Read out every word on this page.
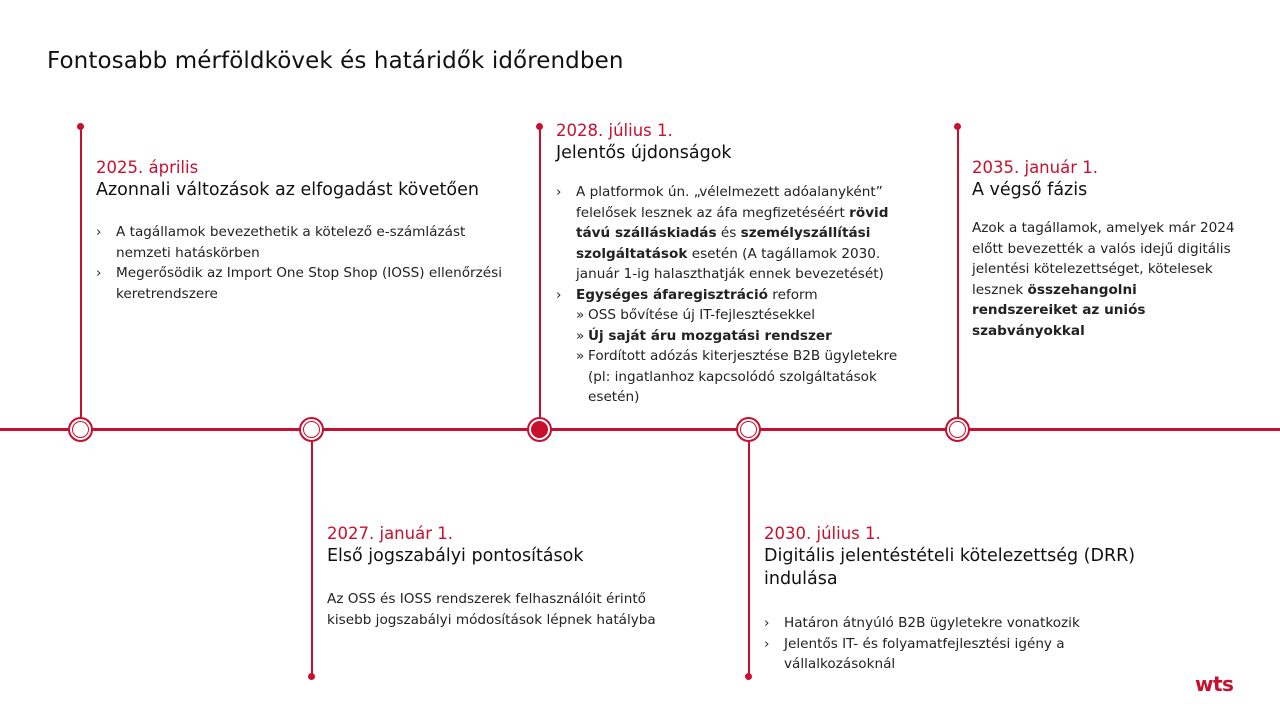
Fontosabb mérföldkövek és határidők időrendben
2025. április
Azonnali változások az elfogadást követően
› A tagállamok bevezethetik a kötelező e-számlázást nemzeti hatáskörben
› Megerősödik az Import One Stop Shop (IOSS) ellenőrzési keretrendszere
2027. január 1.
Első jogszabályi pontosítások
Az OSS és IOSS rendszerek felhasználóit érintő kisebb jogszabályi módosítások lépnek hatályba
2028. július 1.
Jelentős újdonságok
› A platformok ún. „vélelmezett adóalanyként” felelősek lesznek az áfa megfizetéséért rövid távú szálláskiadás és személyszállítási szolgáltatások esetén (A tagállamok 2030. január 1-ig halaszthatják ennek bevezetését)
› Egységes áfaregisztráció reform
» OSS bővítése új IT-fejlesztésekkel
» Új saját áru mozgatási rendszer
» Fordított adózás kiterjesztése B2B ügyletekre (pl: ingatlanhoz kapcsolódó szolgáltatások esetén)
2030. július 1.
Digitális jelentéstételi kötelezettség (DRR) indulása
› Határon átnyúló B2B ügyletekre vonatkozik
› Jelentős IT- és folyamatfejlesztési igény a vállalkozásoknál
2035. január 1.
A végső fázis
Azok a tagállamok, amelyek már 2024 előtt bevezették a valós idejű digitális jelentési kötelezettséget, kötelesek lesznek összehangolni rendszereiket az uniós szabványokkal
wts
